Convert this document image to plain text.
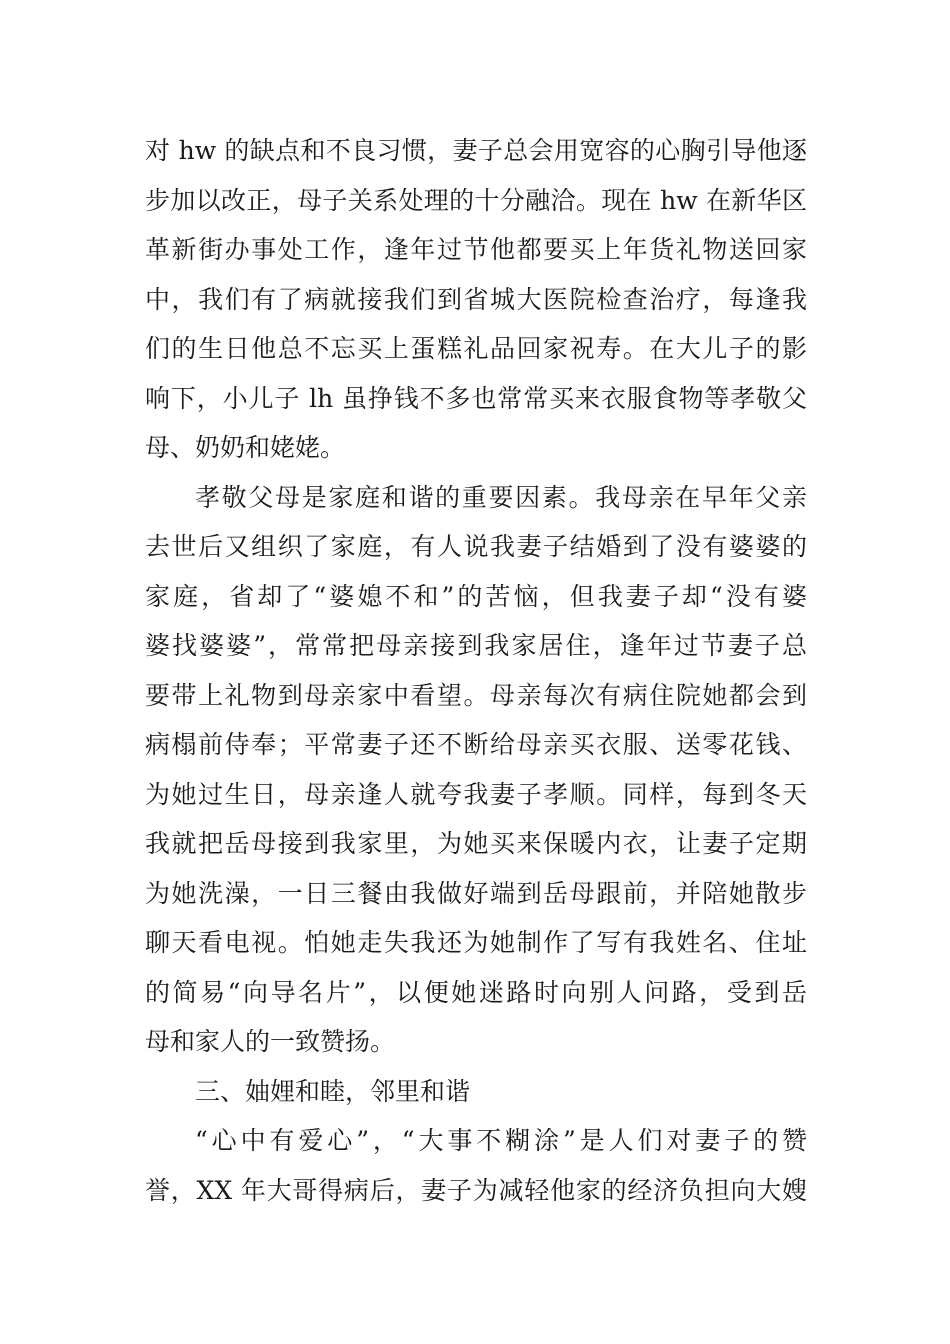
对 hw 的缺点和不良习惯，妻子总会用宽容的心胸引导他逐
步加以改正，母子关系处理的十分融洽。现在 hw 在新华区
革新街办事处工作，逢年过节他都要买上年货礼物送回家
中，我们有了病就接我们到省城大医院检查治疗，每逢我
们的生日他总不忘买上蛋糕礼品回家祝寿。在大儿子的影
响下，小儿子 lh 虽挣钱不多也常常买来衣服食物等孝敬父
母、奶奶和姥姥。
孝敬父母是家庭和谐的重要因素。我母亲在早年父亲
去世后又组织了家庭，有人说我妻子结婚到了没有婆婆的
家庭，省却了“婆媳不和”的苦恼，但我妻子却“没有婆
婆找婆婆”，常常把母亲接到我家居住，逢年过节妻子总
要带上礼物到母亲家中看望。母亲每次有病住院她都会到
病榻前侍奉；平常妻子还不断给母亲买衣服、送零花钱、
为她过生日，母亲逢人就夸我妻子孝顺。同样，每到冬天
我就把岳母接到我家里，为她买来保暖内衣，让妻子定期
为她洗澡，一日三餐由我做好端到岳母跟前，并陪她散步
聊天看电视。怕她走失我还为她制作了写有我姓名、住址
的简易“向导名片”，以便她迷路时向别人问路，受到岳
母和家人的一致赞扬。
三、妯娌和睦，邻里和谐
“心中有爱心”，“大事不糊涂”是人们对妻子的赞
誉，XX 年大哥得病后，妻子为减轻他家的经济负担向大嫂
